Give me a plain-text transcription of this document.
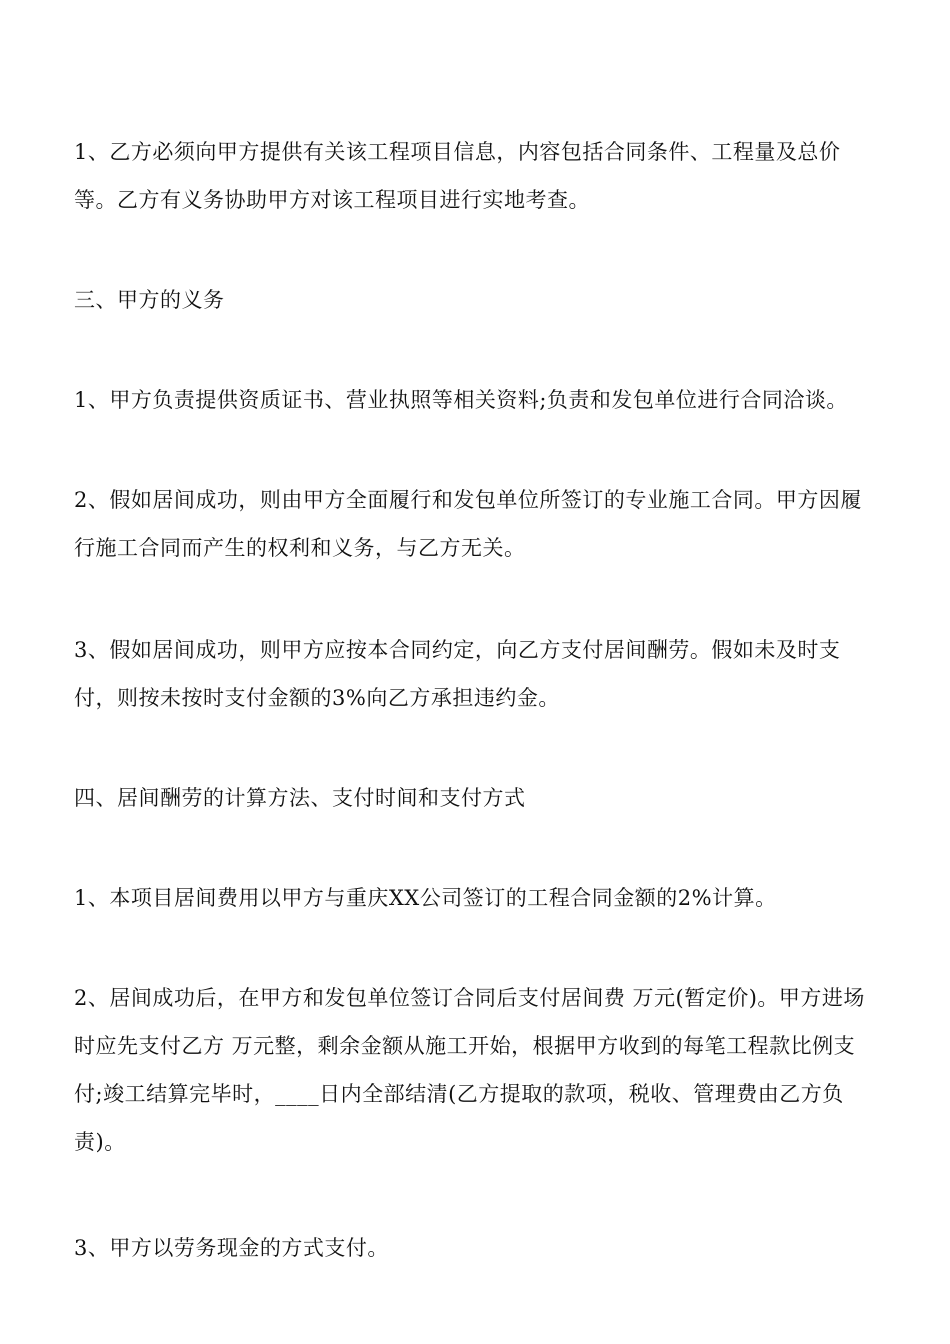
1、乙方必须向甲方提供有关该工程项目信息，内容包括合同条件、工程量及总价等。乙方有义务协助甲方对该工程项目进行实地考查。

三、甲方的义务

1、甲方负责提供资质证书、营业执照等相关资料;负责和发包单位进行合同洽谈。

2、假如居间成功，则由甲方全面履行和发包单位所签订的专业施工合同。甲方因履行施工合同而产生的权利和义务，与乙方无关。

3、假如居间成功，则甲方应按本合同约定，向乙方支付居间酬劳。假如未及时支付，则按未按时支付金额的3%向乙方承担违约金。

四、居间酬劳的计算方法、支付时间和支付方式

1、本项目居间费用以甲方与重庆XX公司签订的工程合同金额的2%计算。

2、居间成功后，在甲方和发包单位签订合同后支付居间费 万元(暂定价)。甲方进场时应先支付乙方 万元整，剩余金额从施工开始，根据甲方收到的每笔工程款比例支付;竣工结算完毕时，____日内全部结清(乙方提取的款项，税收、管理费由乙方负责)。

3、甲方以劳务现金的方式支付。
